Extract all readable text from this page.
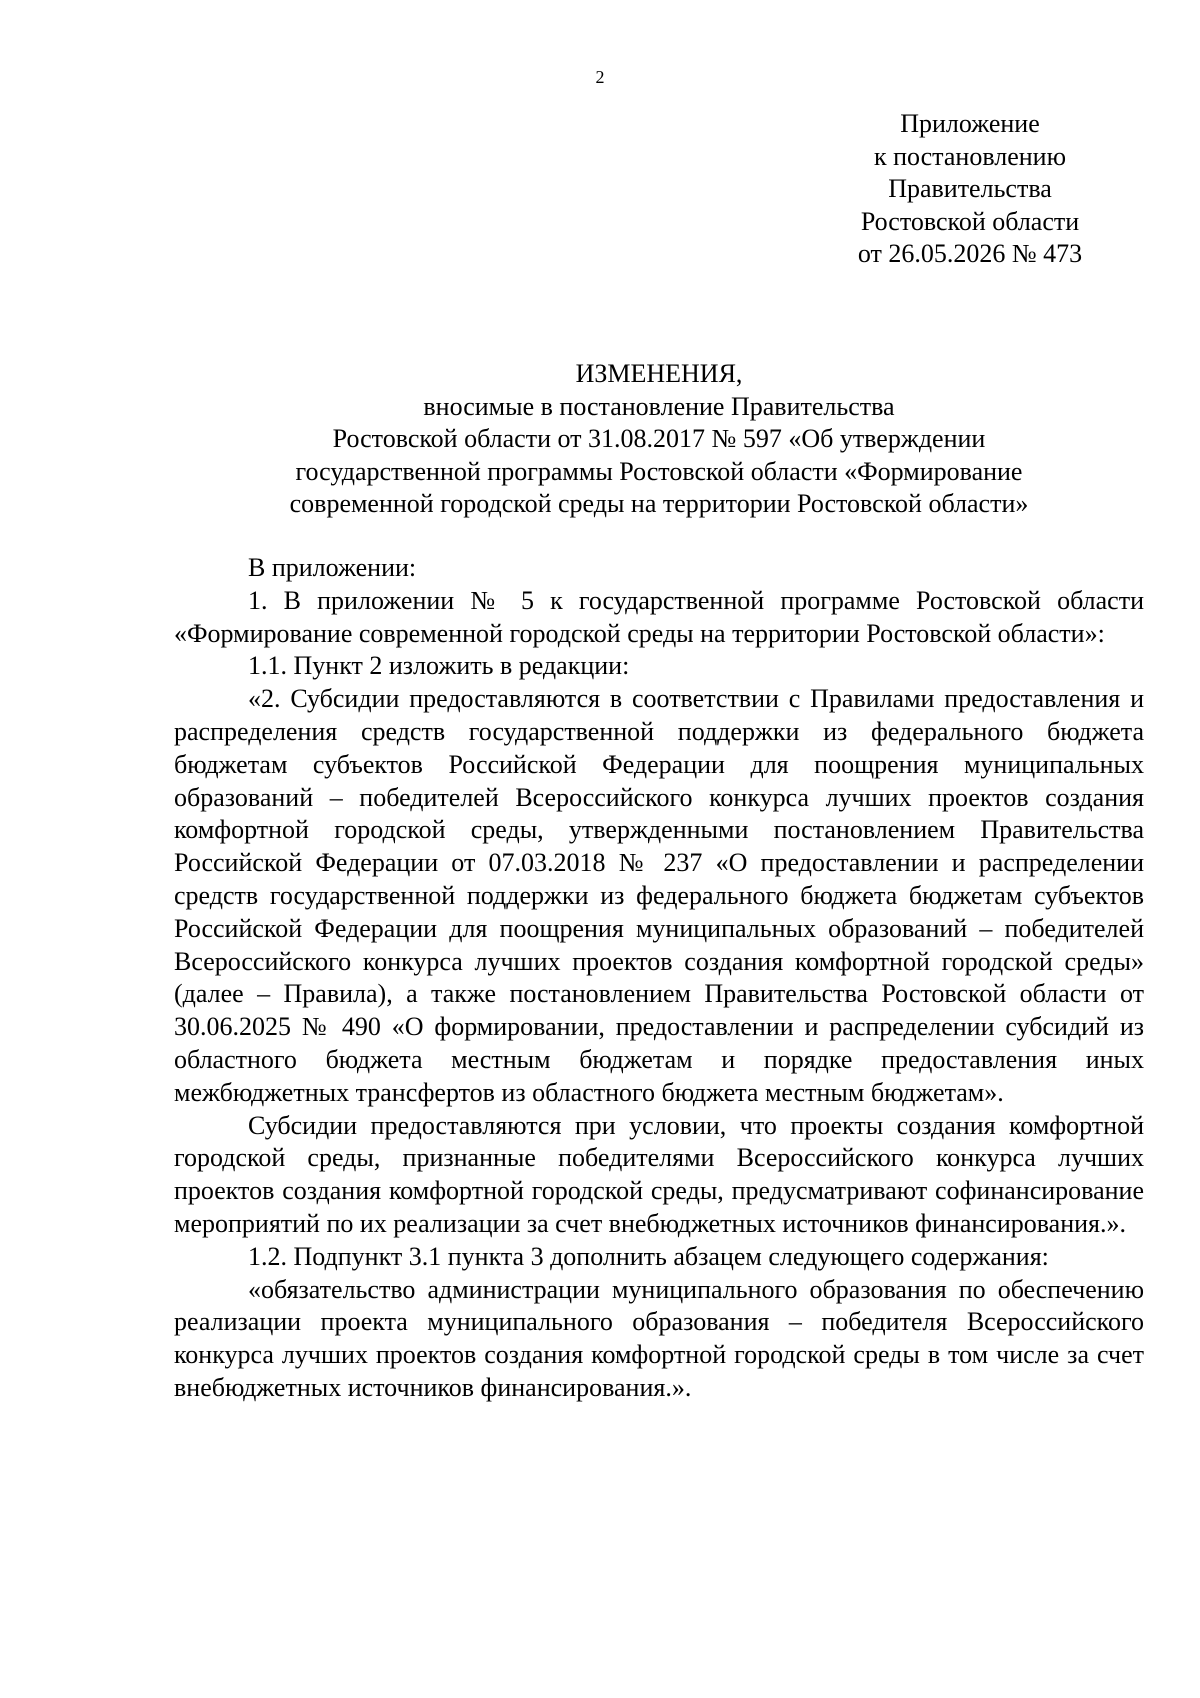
2
Приложение
к постановлению
Правительства
Ростовской области
от 26.05.2026 № 473
ИЗМЕНЕНИЯ,
вносимые в постановление Правительства
Ростовской области от 31.08.2017 № 597 «Об утверждении
государственной программы Ростовской области «Формирование
современной городской среды на территории Ростовской области»

В приложении:

1. В приложении № 5 к государственной программе Ростовской области «Формирование современной городской среды на территории Ростовской области»:

1.1. Пункт 2 изложить в редакции:

«2. Субсидии предоставляются в соответствии с Правилами предоставления и распределения средств государственной поддержки из федерального бюджета бюджетам субъектов Российской Федерации для поощрения муниципальных образований – победителей Всероссийского конкурса лучших проектов создания комфортной городской среды, утвержденными постановлением Правительства Российской Федерации от 07.03.2018 № 237 «О предоставлении и распределении средств государственной поддержки из федерального бюджета бюджетам субъектов Российской Федерации для поощрения муниципальных образований – победителей Всероссийского конкурса лучших проектов создания комфортной городской среды» (далее – Правила), а также постановлением Правительства Ростовской области от 30.06.2025 № 490 «О формировании, предоставлении и распределении субсидий из областного бюджета местным бюджетам и порядке предоставления иных межбюджетных трансфертов из областного бюджета местным бюджетам».

Субсидии предоставляются при условии, что проекты создания комфортной городской среды, признанные победителями Всероссийского конкурса лучших проектов создания комфортной городской среды, предусматривают софинансирование мероприятий по их реализации за счет внебюджетных источников финансирования.».

1.2. Подпункт 3.1 пункта 3 дополнить абзацем следующего содержания:

«обязательство администрации муниципального образования по обеспечению реализации проекта муниципального образования – победителя Всероссийского конкурса лучших проектов создания комфортной городской среды в том числе за счет внебюджетных источников финансирования.».
